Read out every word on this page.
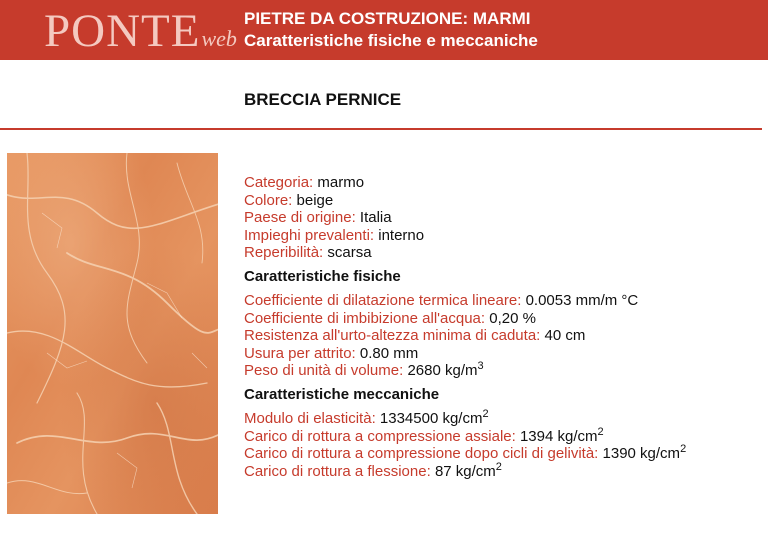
PONTEweb
PIETRE DA COSTRUZIONE: MARMI
Caratteristiche fisiche e meccaniche
BRECCIA PERNICE
Categoria: marmo
Colore: beige
Paese di origine: Italia
Impieghi prevalenti: interno
Reperibilità: scarsa
Caratteristiche fisiche
Coefficiente di dilatazione termica lineare: 0.0053 mm/m °C
Coefficiente di imbibizione all'acqua: 0,20 %
Resistenza all'urto-altezza minima di caduta: 40 cm
Usura per attrito: 0.80 mm
Peso di unità di volume: 2680 $kg/m^3$
Caratteristiche meccaniche
Modulo di elasticità: 1334500 $kg/cm^2$
Carico di rottura a compressione assiale: 1394 $kg/cm^2$
Carico di rottura a compressione dopo cicli di gelività: 1390 $kg/cm^2$
Carico di rottura a flessione: 87 $kg/cm^2$
